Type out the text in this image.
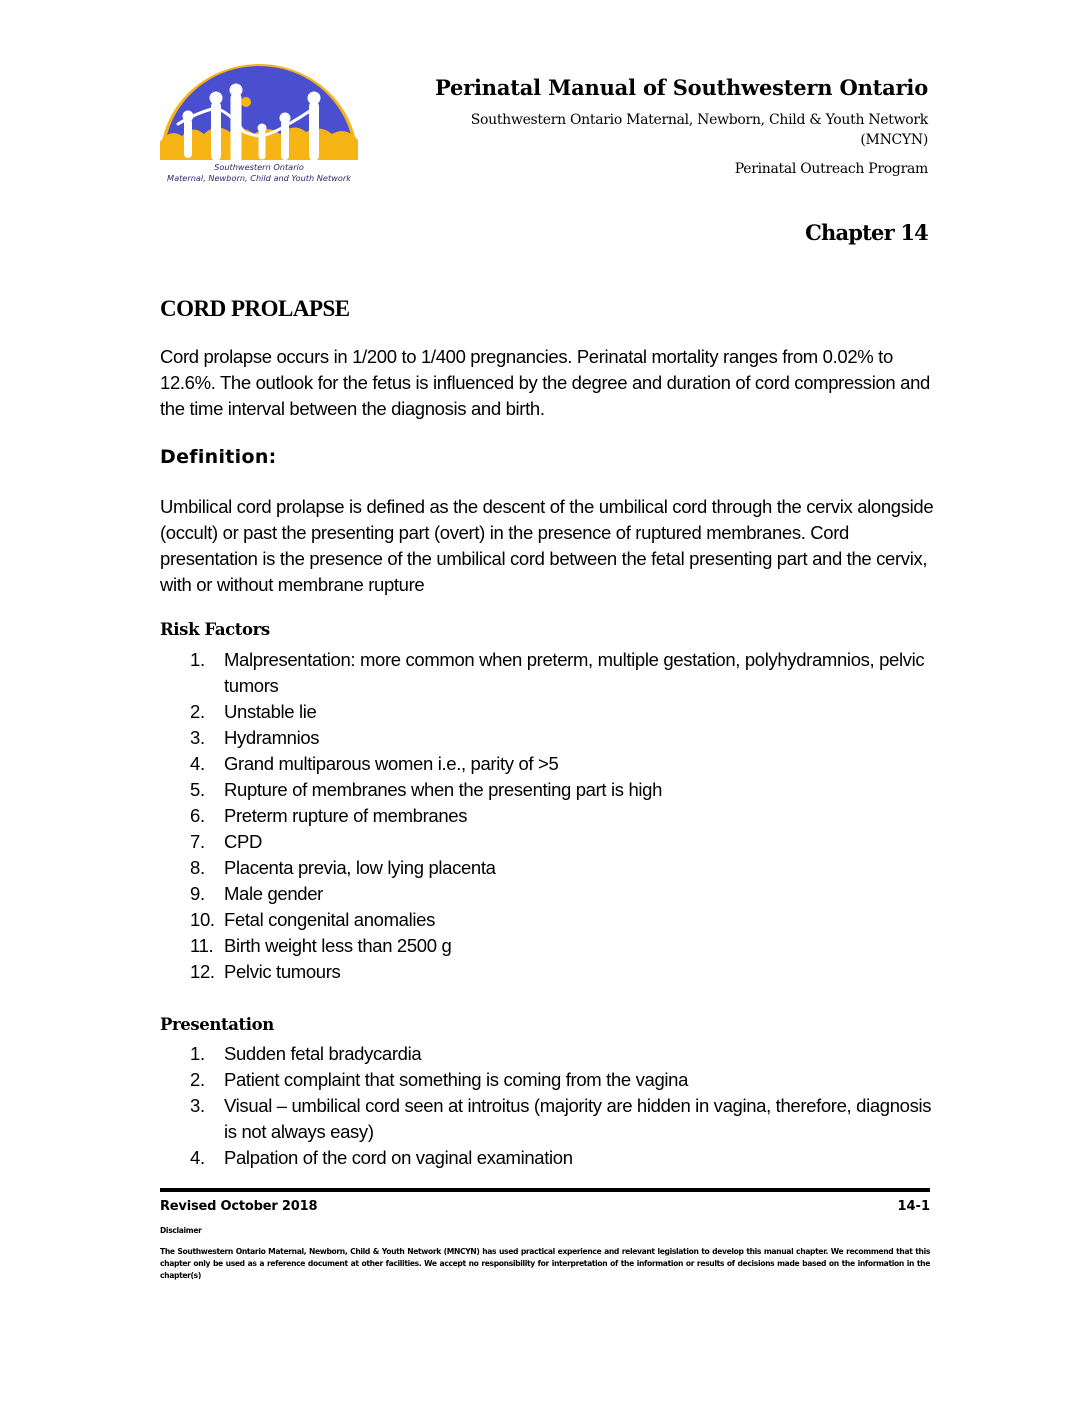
Southwestern Ontario
Maternal, Newborn, Child and Youth Network
Perinatal Manual of Southwestern Ontario
Southwestern Ontario Maternal, Newborn, Child & Youth Network
(MNCYN)
Perinatal Outreach Program
Chapter 14
CORD PROLAPSE

Cord prolapse occurs in 1/200 to 1/400 pregnancies. Perinatal mortality ranges from 0.02% to 12.6%. The outlook for the fetus is influenced by the degree and duration of cord compression and the time interval between the diagnosis and birth.

Definition:

Umbilical cord prolapse is defined as the descent of the umbilical cord through the cervix alongside (occult) or past the presenting part (overt) in the presence of ruptured membranes. Cord presentation is the presence of the umbilical cord between the fetal presenting part and the cervix, with or without membrane rupture

Risk Factors
1. Malpresentation: more common when preterm, multiple gestation, polyhydramnios, pelvic tumors
2. Unstable lie
3. Hydramnios
4. Grand multiparous women i.e., parity of >5
5. Rupture of membranes when the presenting part is high
6. Preterm rupture of membranes
7. CPD
8. Placenta previa, low lying placenta
9. Male gender
10. Fetal congenital anomalies
11. Birth weight less than 2500 g
12. Pelvic tumours
Presentation
1. Sudden fetal bradycardia
2. Patient complaint that something is coming from the vagina
3. Visual – umbilical cord seen at introitus (majority are hidden in vagina, therefore, diagnosis is not always easy)
4. Palpation of the cord on vaginal examination
Revised October 2018	14-1
Disclaimer
The Southwestern Ontario Maternal, Newborn, Child & Youth Network (MNCYN) has used practical experience and relevant legislation to develop this manual chapter. We recommend that this chapter only be used as a reference document at other facilities. We accept no responsibility for interpretation of the information or results of decisions made based on the information in the chapter(s)
